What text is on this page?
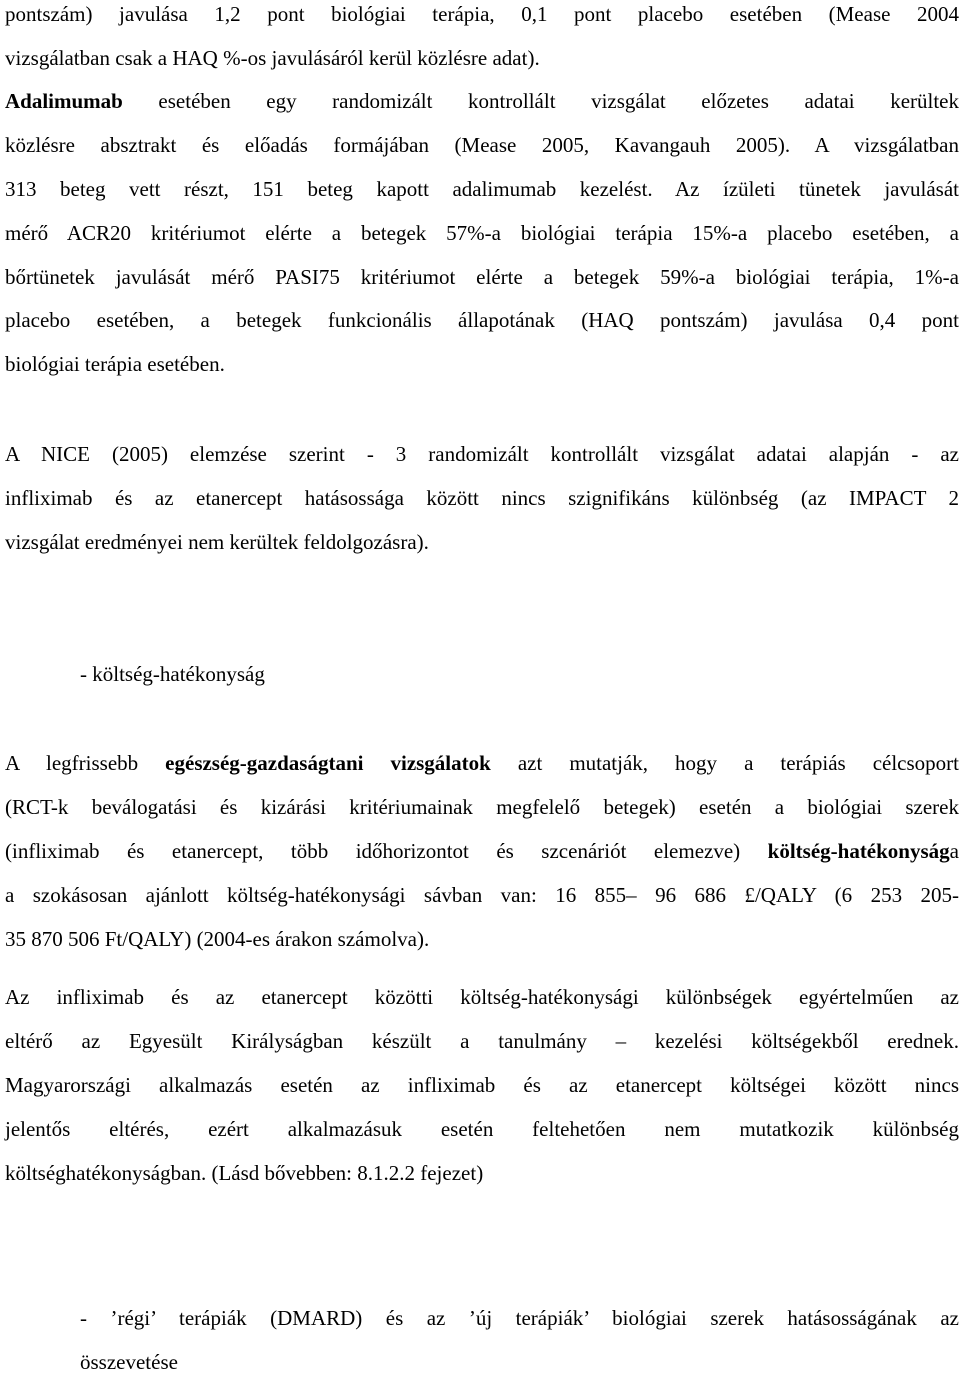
pontszám) javulása 1,2 pont biológiai terápia, 0,1 pont placebo esetében (Mease 2004
vizsgálatban csak a HAQ %-os javulásáról kerül közlésre adat).
Adalimumab esetében egy randomizált kontrollált vizsgálat előzetes adatai kerültek
közlésre absztrakt és előadás formájában (Mease 2005, Kavangauh 2005). A vizsgálatban
313 beteg vett részt, 151 beteg kapott adalimumab kezelést. Az ízületi tünetek javulását
mérő ACR20 kritériumot elérte a betegek 57%-a biológiai terápia 15%-a placebo esetében, a
bőrtünetek javulását mérő PASI75 kritériumot elérte a betegek 59%-a biológiai terápia, 1%-a
placebo esetében, a betegek funkcionális állapotának (HAQ pontszám) javulása 0,4 pont
biológiai terápia esetében.
A NICE (2005) elemzése szerint - 3 randomizált kontrollált vizsgálat adatai alapján - az
infliximab és az etanercept hatásossága között nincs szignifikáns különbség (az IMPACT 2
vizsgálat eredményei nem kerültek feldolgozásra).
- költség-hatékonyság
A legfrissebb egészség-gazdaságtani vizsgálatok azt mutatják, hogy a terápiás célcsoport
(RCT-k beválogatási és kizárási kritériumainak megfelelő betegek) esetén a biológiai szerek
(infliximab és etanercept, több időhorizontot és szcenáriót elemezve) költség-hatékonysága
a szokásosan ajánlott költség-hatékonysági sávban van: 16 855– 96 686 £/QALY (6 253 205-
35 870 506 Ft/QALY) (2004-es árakon számolva).
Az infliximab és az etanercept közötti költség-hatékonysági különbségek egyértelműen az
eltérő az Egyesült Királyságban készült a tanulmány – kezelési költségekből erednek.
Magyarországi alkalmazás esetén az infliximab és az etanercept költségei között nincs
jelentős eltérés, ezért alkalmazásuk esetén feltehetően nem mutatkozik különbség
költséghatékonyságban. (Lásd bővebben: 8.1.2.2 fejezet)
- ’régi’ terápiák (DMARD) és az ’új terápiák’ biológiai szerek hatásosságának az
összevetése
